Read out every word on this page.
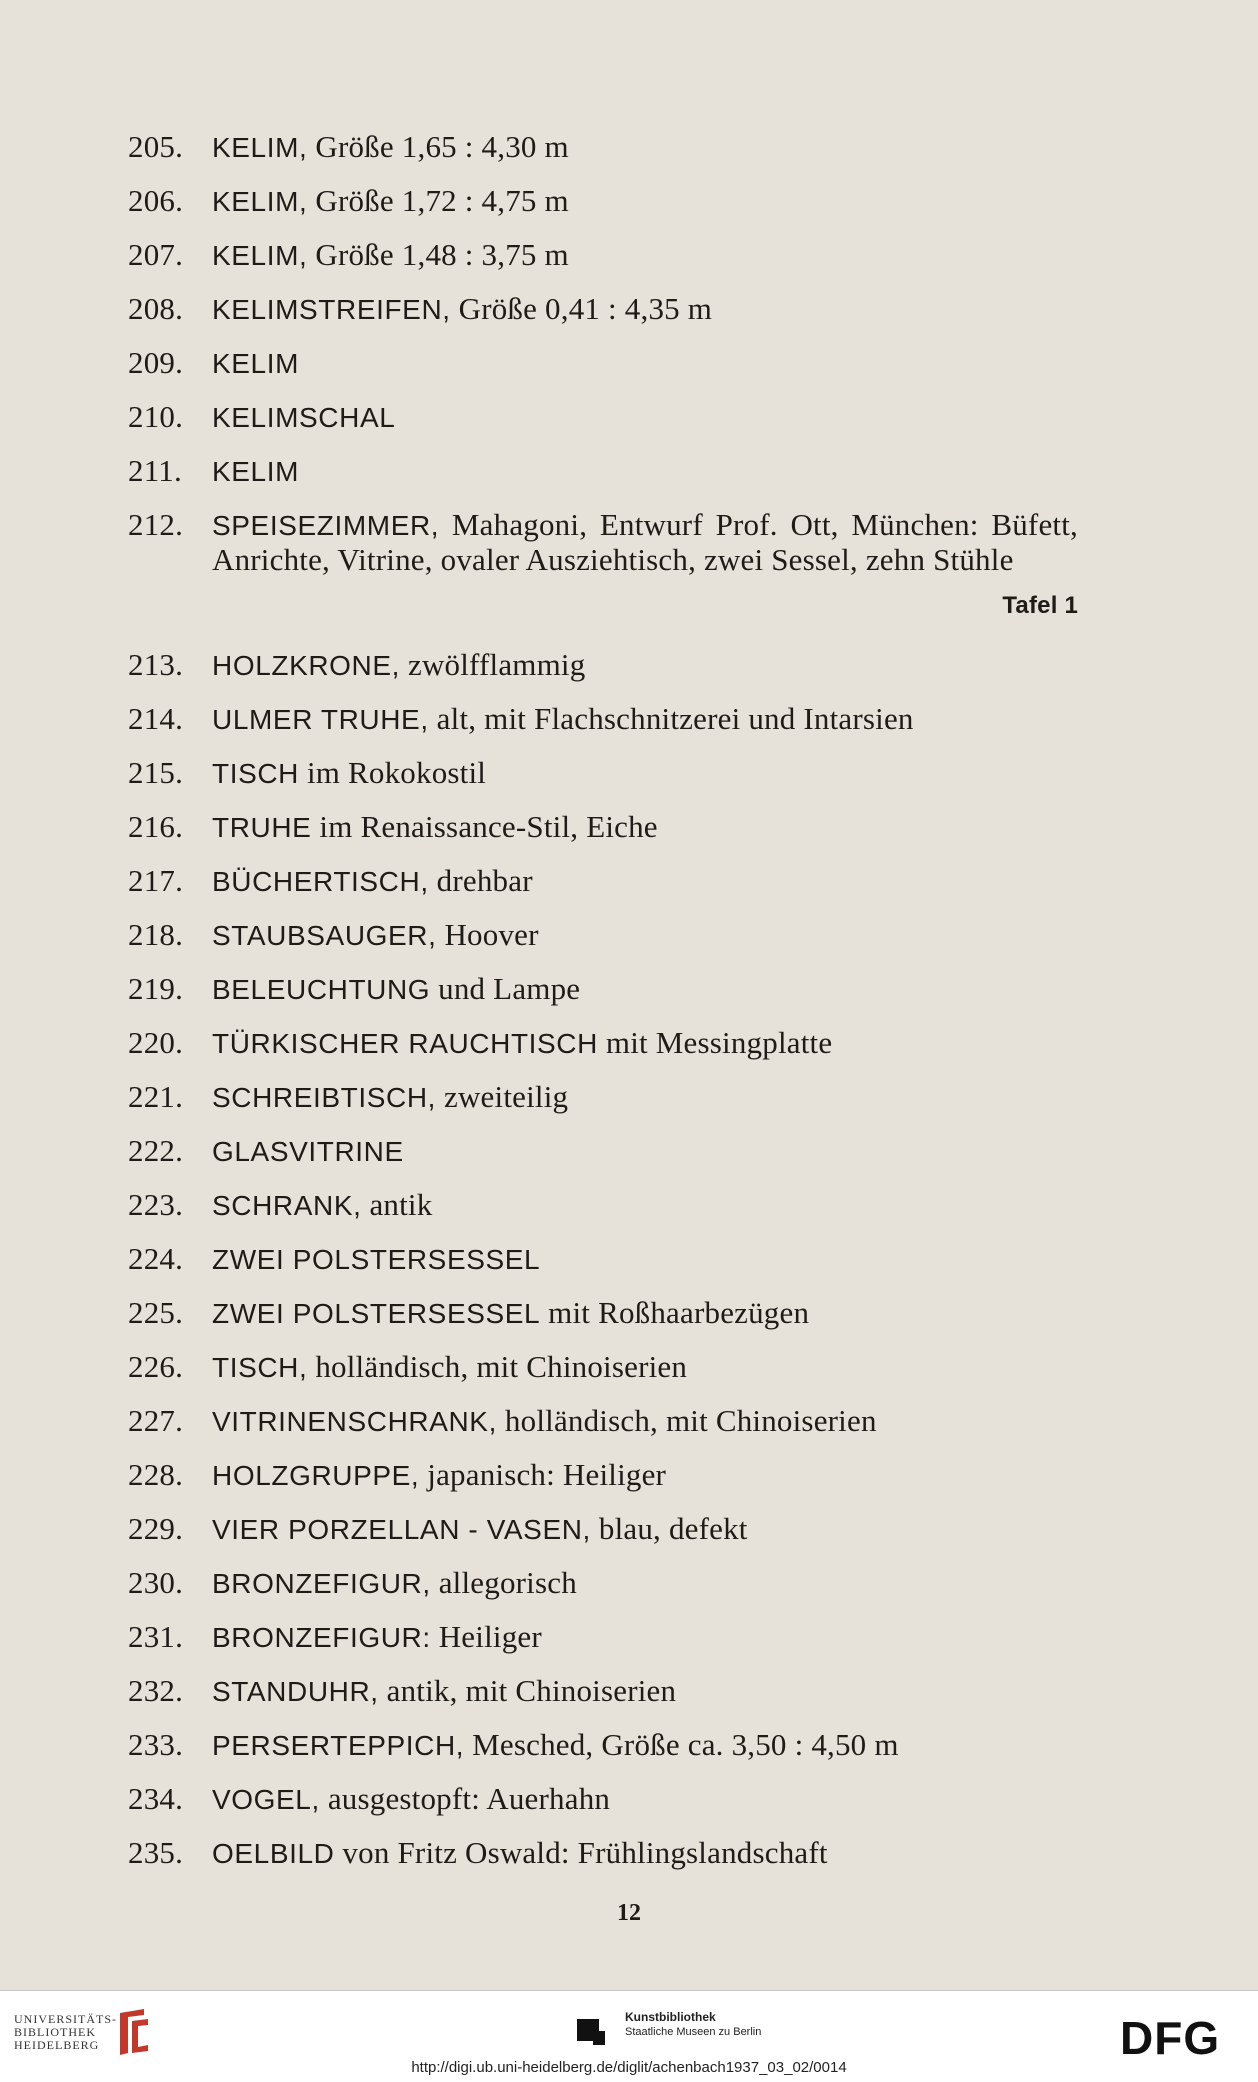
205.	KELIM, Größe 1,65 : 4,30 m
206.	KELIM, Größe 1,72 : 4,75 m
207.	KELIM, Größe 1,48 : 3,75 m
208.	KELIMSTREIFEN, Größe 0,41 : 4,35 m
209.	KELIM
210.	KELIMSCHAL
211.	KELIM
212.	SPEISEZIMMER, Mahagoni, Entwurf Prof. Ott, München: Büfett, Anrichte, Vitrine, ovaler Ausziehtisch, zwei Sessel, zehn Stühle
Tafel 1
213.	HOLZKRONE, zwölfflammig
214.	ULMER TRUHE, alt, mit Flachschnitzerei und Intarsien
215.	TISCH im Rokokostil
216.	TRUHE im Renaissance-Stil, Eiche
217.	BÜCHERTISCH, drehbar
218.	STAUBSAUGER, Hoover
219.	BELEUCHTUNG und Lampe
220.	TÜRKISCHER RAUCHTISCH mit Messingplatte
221.	SCHREIBTISCH, zweiteilig
222.	GLASVITRINE
223.	SCHRANK, antik
224.	ZWEI POLSTERSESSEL
225.	ZWEI POLSTERSESSEL mit Roßhaarbezügen
226.	TISCH, holländisch, mit Chinoiserien
227.	VITRINENSCHRANK, holländisch, mit Chinoiserien
228.	HOLZGRUPPE, japanisch: Heiliger
229.	VIER PORZELLAN - VASEN, blau, defekt
230.	BRONZEFIGUR, allegorisch
231.	BRONZEFIGUR: Heiliger
232.	STANDUHR, antik, mit Chinoiserien
233.	PERSERTEPPICH, Mesched, Größe ca. 3,50 : 4,50 m
234.	VOGEL, ausgestopft: Auerhahn
235.	OELBILD von Fritz Oswald: Frühlingslandschaft
12
UNIVERSITÄTS-
BIBLIOTHEK
HEIDELBERG
Kunstbibliothek
Staatliche Museen zu Berlin	DFG
http://digi.ub.uni-heidelberg.de/diglit/achenbach1937_03_02/0014
